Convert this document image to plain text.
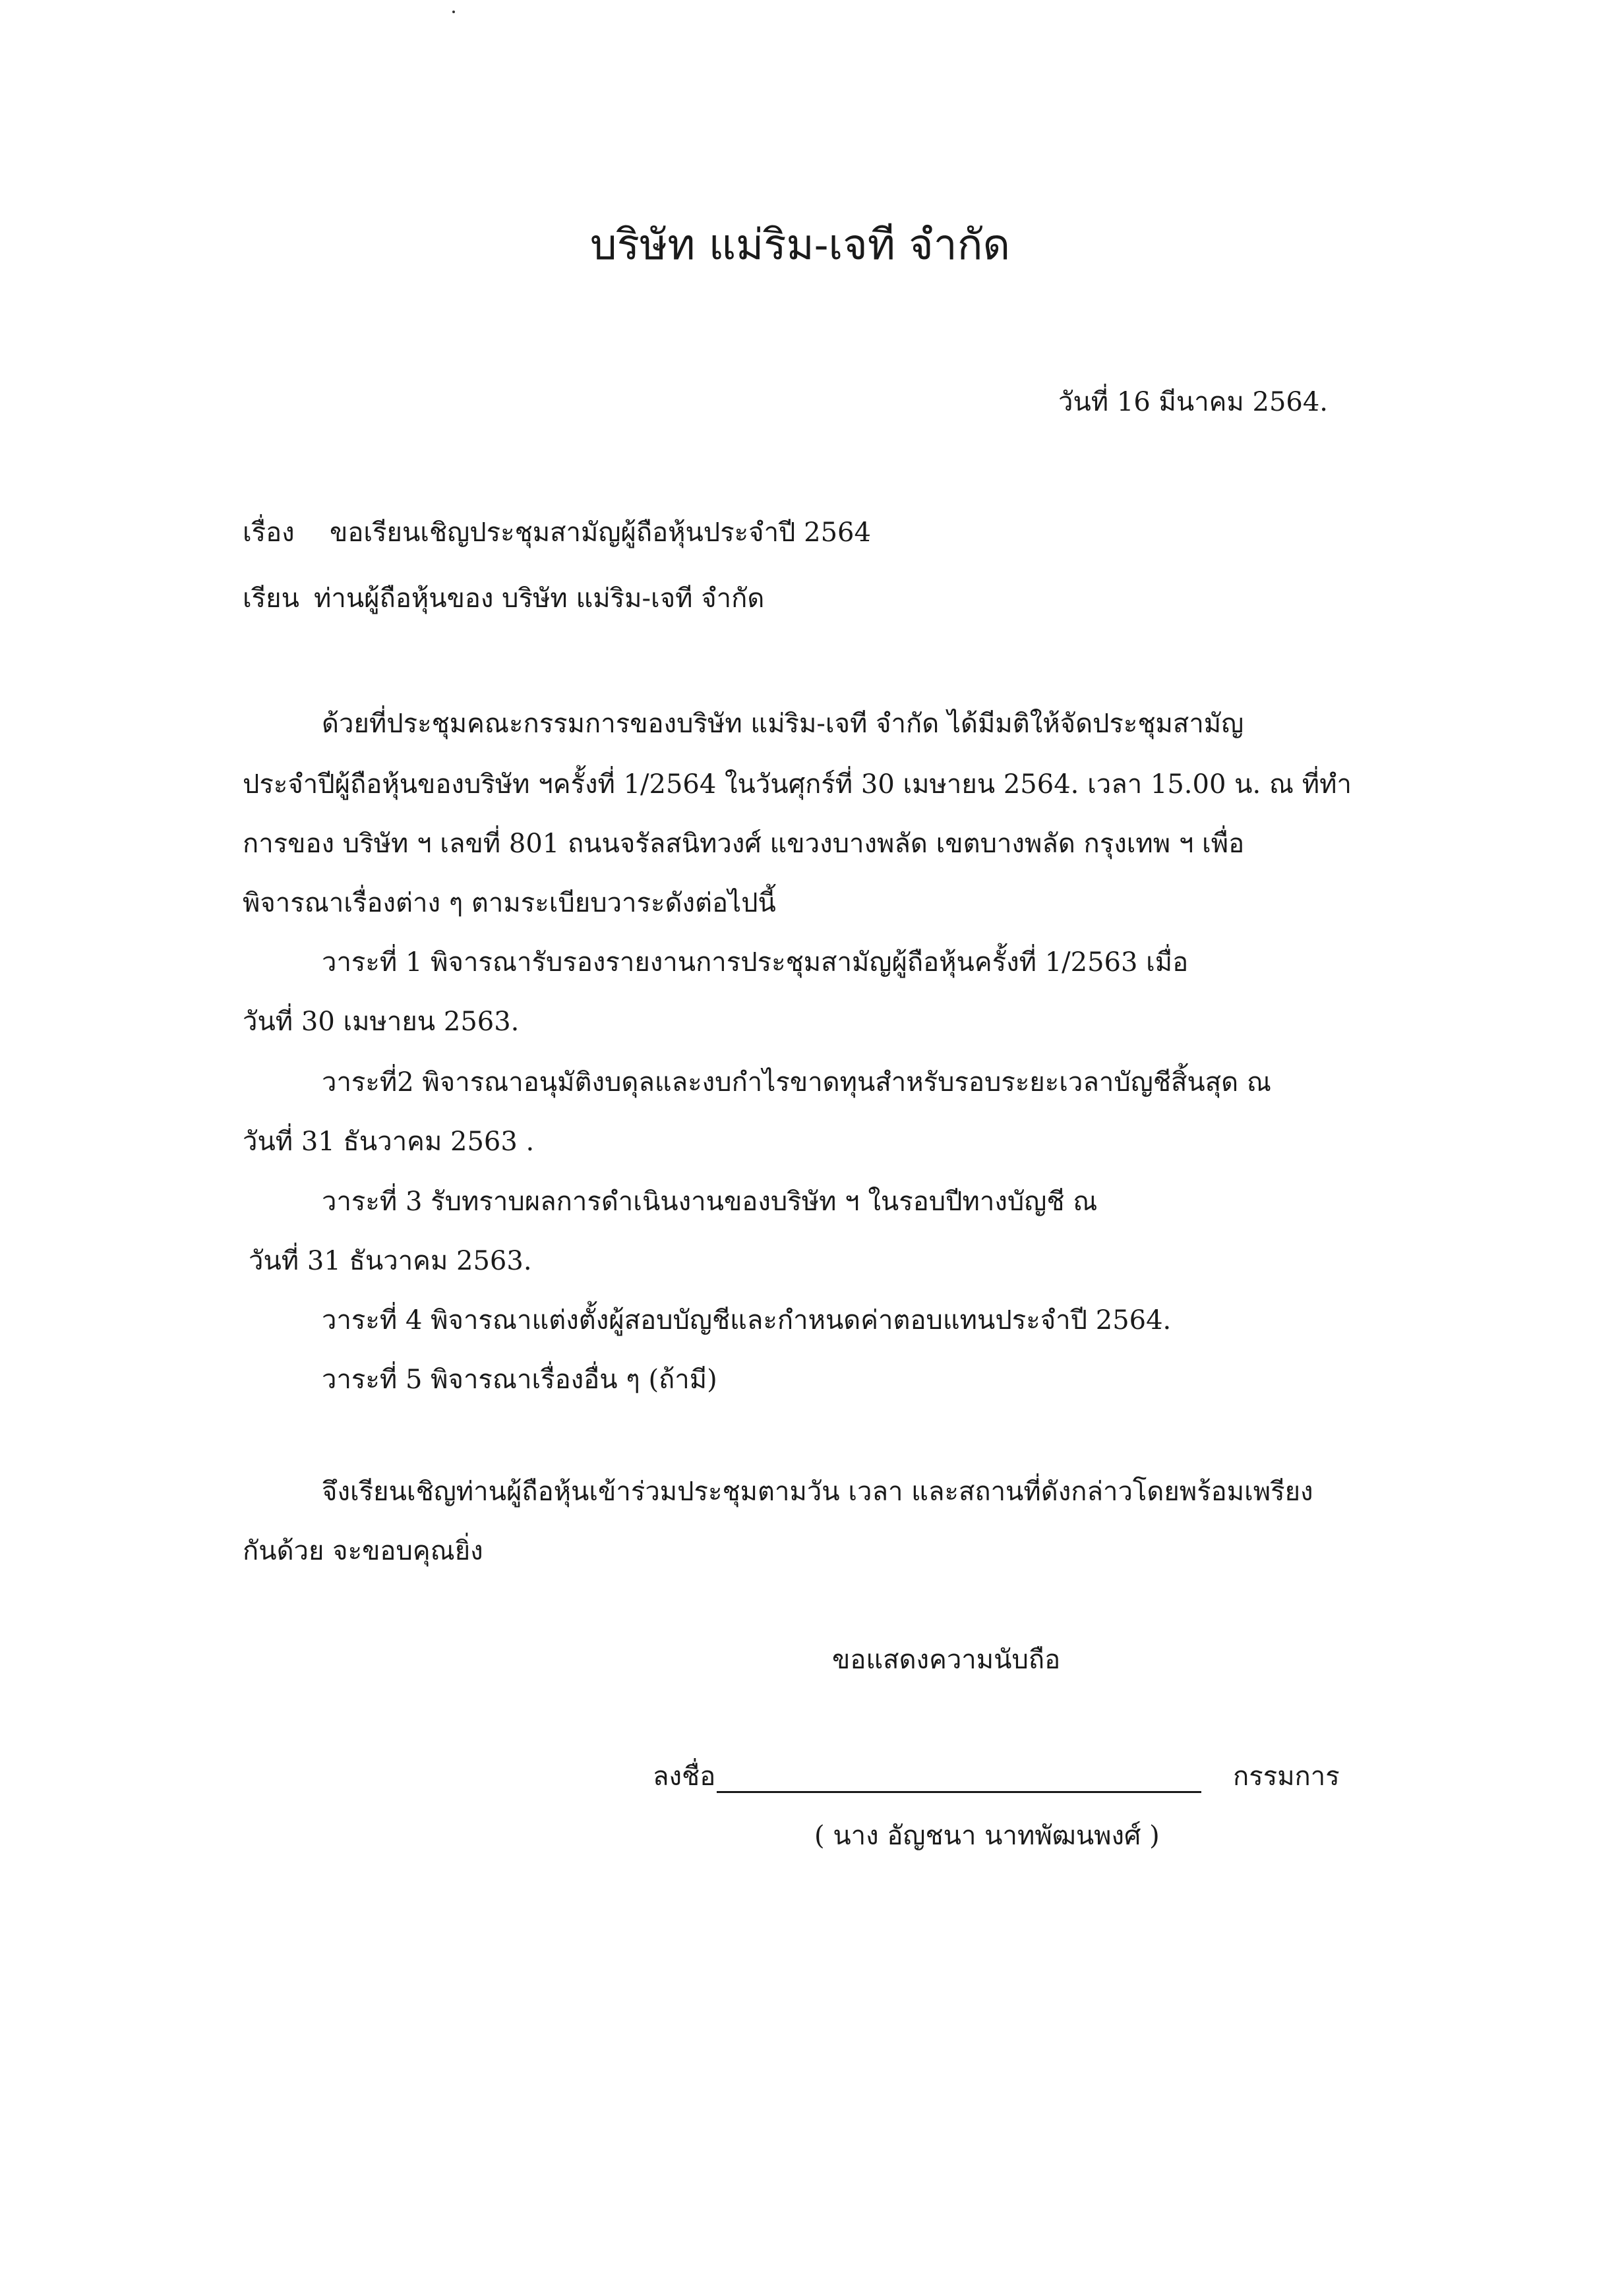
บริษัท แม่ริม-เจที จำกัด
วันที่ 16 มีนาคม 2564.
เรื่อง ขอเรียนเชิญประชุมสามัญผู้ถือหุ้นประจำปี 2564
เรียน ท่านผู้ถือหุ้นของ บริษัท แม่ริม-เจที จำกัด
ด้วยที่ประชุมคณะกรรมการของบริษัท แม่ริม-เจที จำกัด ได้มีมติให้จัดประชุมสามัญ
ประจำปีผู้ถือหุ้นของบริษัท ฯครั้งที่ 1/2564 ในวันศุกร์ที่ 30 เมษายน 2564. เวลา 15.00 น. ณ ที่ทำ
การของ บริษัท ฯ เลขที่ 801 ถนนจรัลสนิทวงศ์ แขวงบางพลัด เขตบางพลัด กรุงเทพ ฯ เพื่อ
พิจารณาเรื่องต่าง ๆ ตามระเบียบวาระดังต่อไปนี้
วาระที่ 1 พิจารณารับรองรายงานการประชุมสามัญผู้ถือหุ้นครั้งที่ 1/2563 เมื่อ
วันที่ 30 เมษายน 2563.
วาระที่2 พิจารณาอนุมัติงบดุลและงบกำไรขาดทุนสำหรับรอบระยะเวลาบัญชีสิ้นสุด ณ
วันที่ 31 ธันวาคม 2563 .
วาระที่ 3 รับทราบผลการดำเนินงานของบริษัท ฯ ในรอบปีทางบัญชี ณ
วันที่ 31 ธันวาคม 2563.
วาระที่ 4 พิจารณาแต่งตั้งผู้สอบบัญชีและกำหนดค่าตอบแทนประจำปี 2564.
วาระที่ 5 พิจารณาเรื่องอื่น ๆ (ถ้ามี)
จึงเรียนเชิญท่านผู้ถือหุ้นเข้าร่วมประชุมตามวัน เวลา และสถานที่ดังกล่าวโดยพร้อมเพรียง
กันด้วย จะขอบคุณยิ่ง
ขอแสดงความนับถือ
ลงชื่อ	กรรมการ
( นาง อัญชนา นาทพัฒนพงศ์ )
